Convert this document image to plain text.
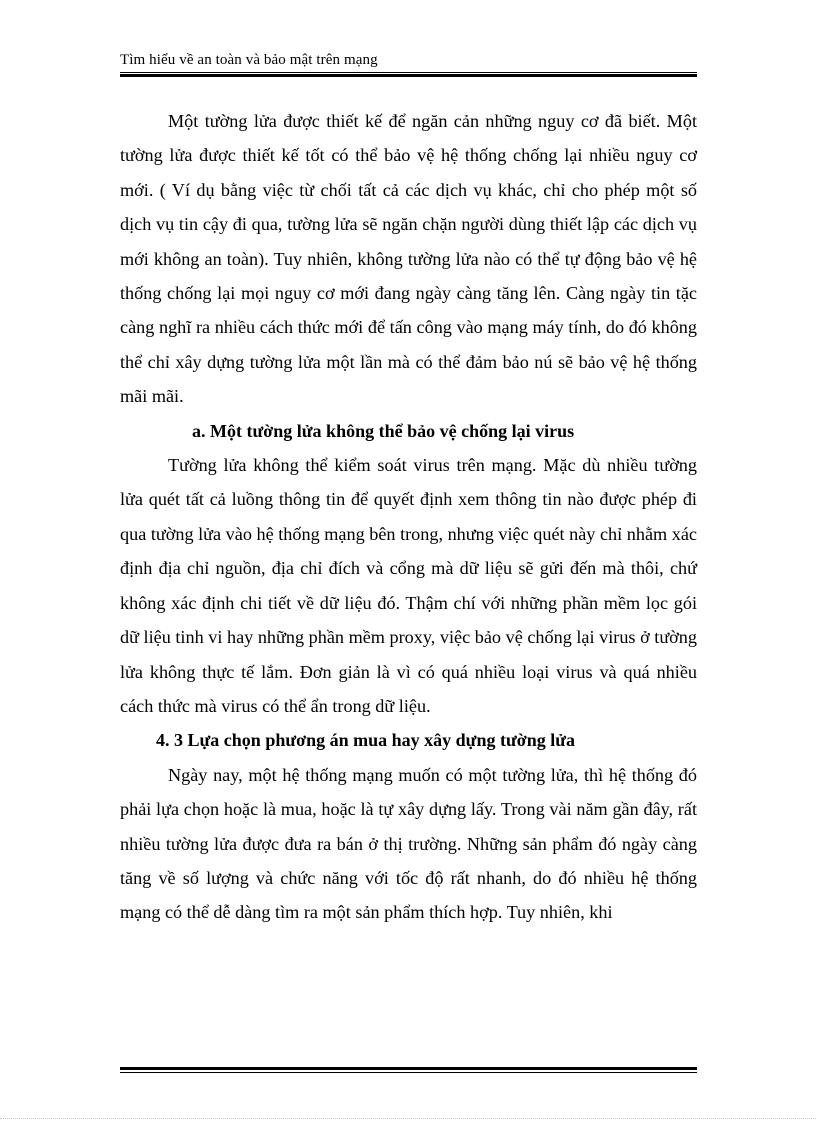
Tìm hiểu về an toàn và bảo mật trên mạng

Một tường lửa được thiết kế để ngăn cản những nguy cơ đã biết. Một tường lửa được thiết kế tốt có thể bảo vệ hệ thống chống lại nhiều nguy cơ mới. ( Ví dụ bằng việc từ chối tất cả các dịch vụ khác, chỉ cho phép một số dịch vụ tin cậy đi qua, tường lửa sẽ ngăn chặn người dùng thiết lập các dịch vụ mới không an toàn). Tuy nhiên, không tường lửa nào có thể tự động bảo vệ hệ thống chống lại mọi nguy cơ mới đang ngày càng tăng lên. Càng ngày tin tặc càng nghĩ ra nhiều cách thức mới để tấn công vào mạng máy tính, do đó không thể chỉ xây dựng tường lửa một lần mà có thể đảm bảo nú sẽ bảo vệ hệ thống mãi mãi.

a. Một tường lửa không thể bảo vệ chống lại virus

Tường lửa không thể kiểm soát virus trên mạng. Mặc dù nhiều tường lửa quét tất cả luồng thông tin để quyết định xem thông tin nào được phép đi qua tường lửa vào hệ thống mạng bên trong, nhưng việc quét này chỉ nhằm xác định địa chỉ nguồn, địa chỉ đích và cổng mà dữ liệu sẽ gửi đến mà thôi, chứ không xác định chi tiết về dữ liệu đó. Thậm chí với những phần mềm lọc gói dữ liệu tinh vi hay những phần mềm proxy, việc bảo vệ chống lại virus ở tường lửa không thực tế lắm. Đơn giản là vì có quá nhiều loại virus và quá nhiều cách thức mà virus có thể ẩn trong dữ liệu.

4. 3 Lựa chọn phương án mua hay xây dựng tường lửa

Ngày nay, một hệ thống mạng muốn có một tường lửa, thì hệ thống đó phải lựa chọn hoặc là mua, hoặc là tự xây dựng lấy. Trong vài năm gần đây, rất nhiều tường lửa được đưa ra bán ở thị trường. Những sản phẩm đó ngày càng tăng về số lượng và chức năng với tốc độ rất nhanh, do đó nhiều hệ thống mạng có thể dễ dàng tìm ra một sản phẩm thích hợp. Tuy nhiên, khi
